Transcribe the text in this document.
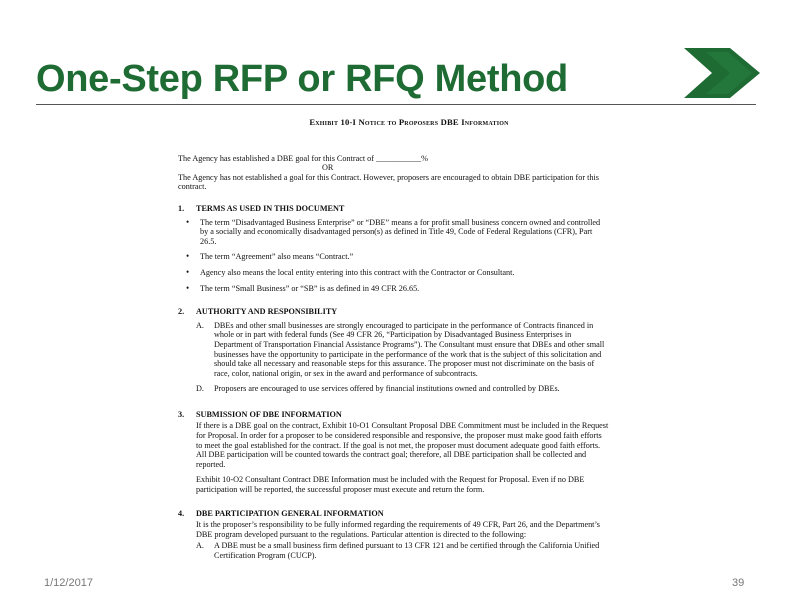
One-Step RFP or RFQ Method
Exhibit 10-I Notice to Proposers DBE Information

The Agency has established a DBE goal for this Contract of ___________%

OR

The Agency has not established a goal for this Contract. However, proposers are encouraged to obtain DBE participation for this contract.

1. TERMS AS USED IN THIS DOCUMENT
• The term “Disadvantaged Business Enterprise” or “DBE” means a for profit small business concern owned and controlled by a socially and economically disadvantaged person(s) as defined in Title 49, Code of Federal Regulations (CFR), Part 26.5.
• The term “Agreement” also means “Contract.”
• Agency also means the local entity entering into this contract with the Contractor or Consultant.
• The term “Small Business” or “SB” is as defined in 49 CFR 26.65.
2. AUTHORITY AND RESPONSIBILITY
A. DBEs and other small businesses are strongly encouraged to participate in the performance of Contracts financed in whole or in part with federal funds (See 49 CFR 26, “Participation by Disadvantaged Business Enterprises in Department of Transportation Financial Assistance Programs”). The Consultant must ensure that DBEs and other small businesses have the opportunity to participate in the performance of the work that is the subject of this solicitation and should take all necessary and reasonable steps for this assurance. The proposer must not discriminate on the basis of race, color, national origin, or sex in the award and performance of subcontracts.
D. Proposers are encouraged to use services offered by financial institutions owned and controlled by DBEs.
3. SUBMISSION OF DBE INFORMATION

If there is a DBE goal on the contract, Exhibit 10-O1 Consultant Proposal DBE Commitment must be included in the Request for Proposal. In order for a proposer to be considered responsible and responsive, the proposer must make good faith efforts to meet the goal established for the contract. If the goal is not met, the proposer must document adequate good faith efforts. All DBE participation will be counted towards the contract goal; therefore, all DBE participation shall be collected and reported.

Exhibit 10-O2 Consultant Contract DBE Information must be included with the Request for Proposal. Even if no DBE participation will be reported, the successful proposer must execute and return the form.

4. DBE PARTICIPATION GENERAL INFORMATION

It is the proposer’s responsibility to be fully informed regarding the requirements of 49 CFR, Part 26, and the Department’s DBE program developed pursuant to the regulations. Particular attention is directed to the following:

A. A DBE must be a small business firm defined pursuant to 13 CFR 121 and be certified through the California Unified Certification Program (CUCP).
1/12/2017	39
